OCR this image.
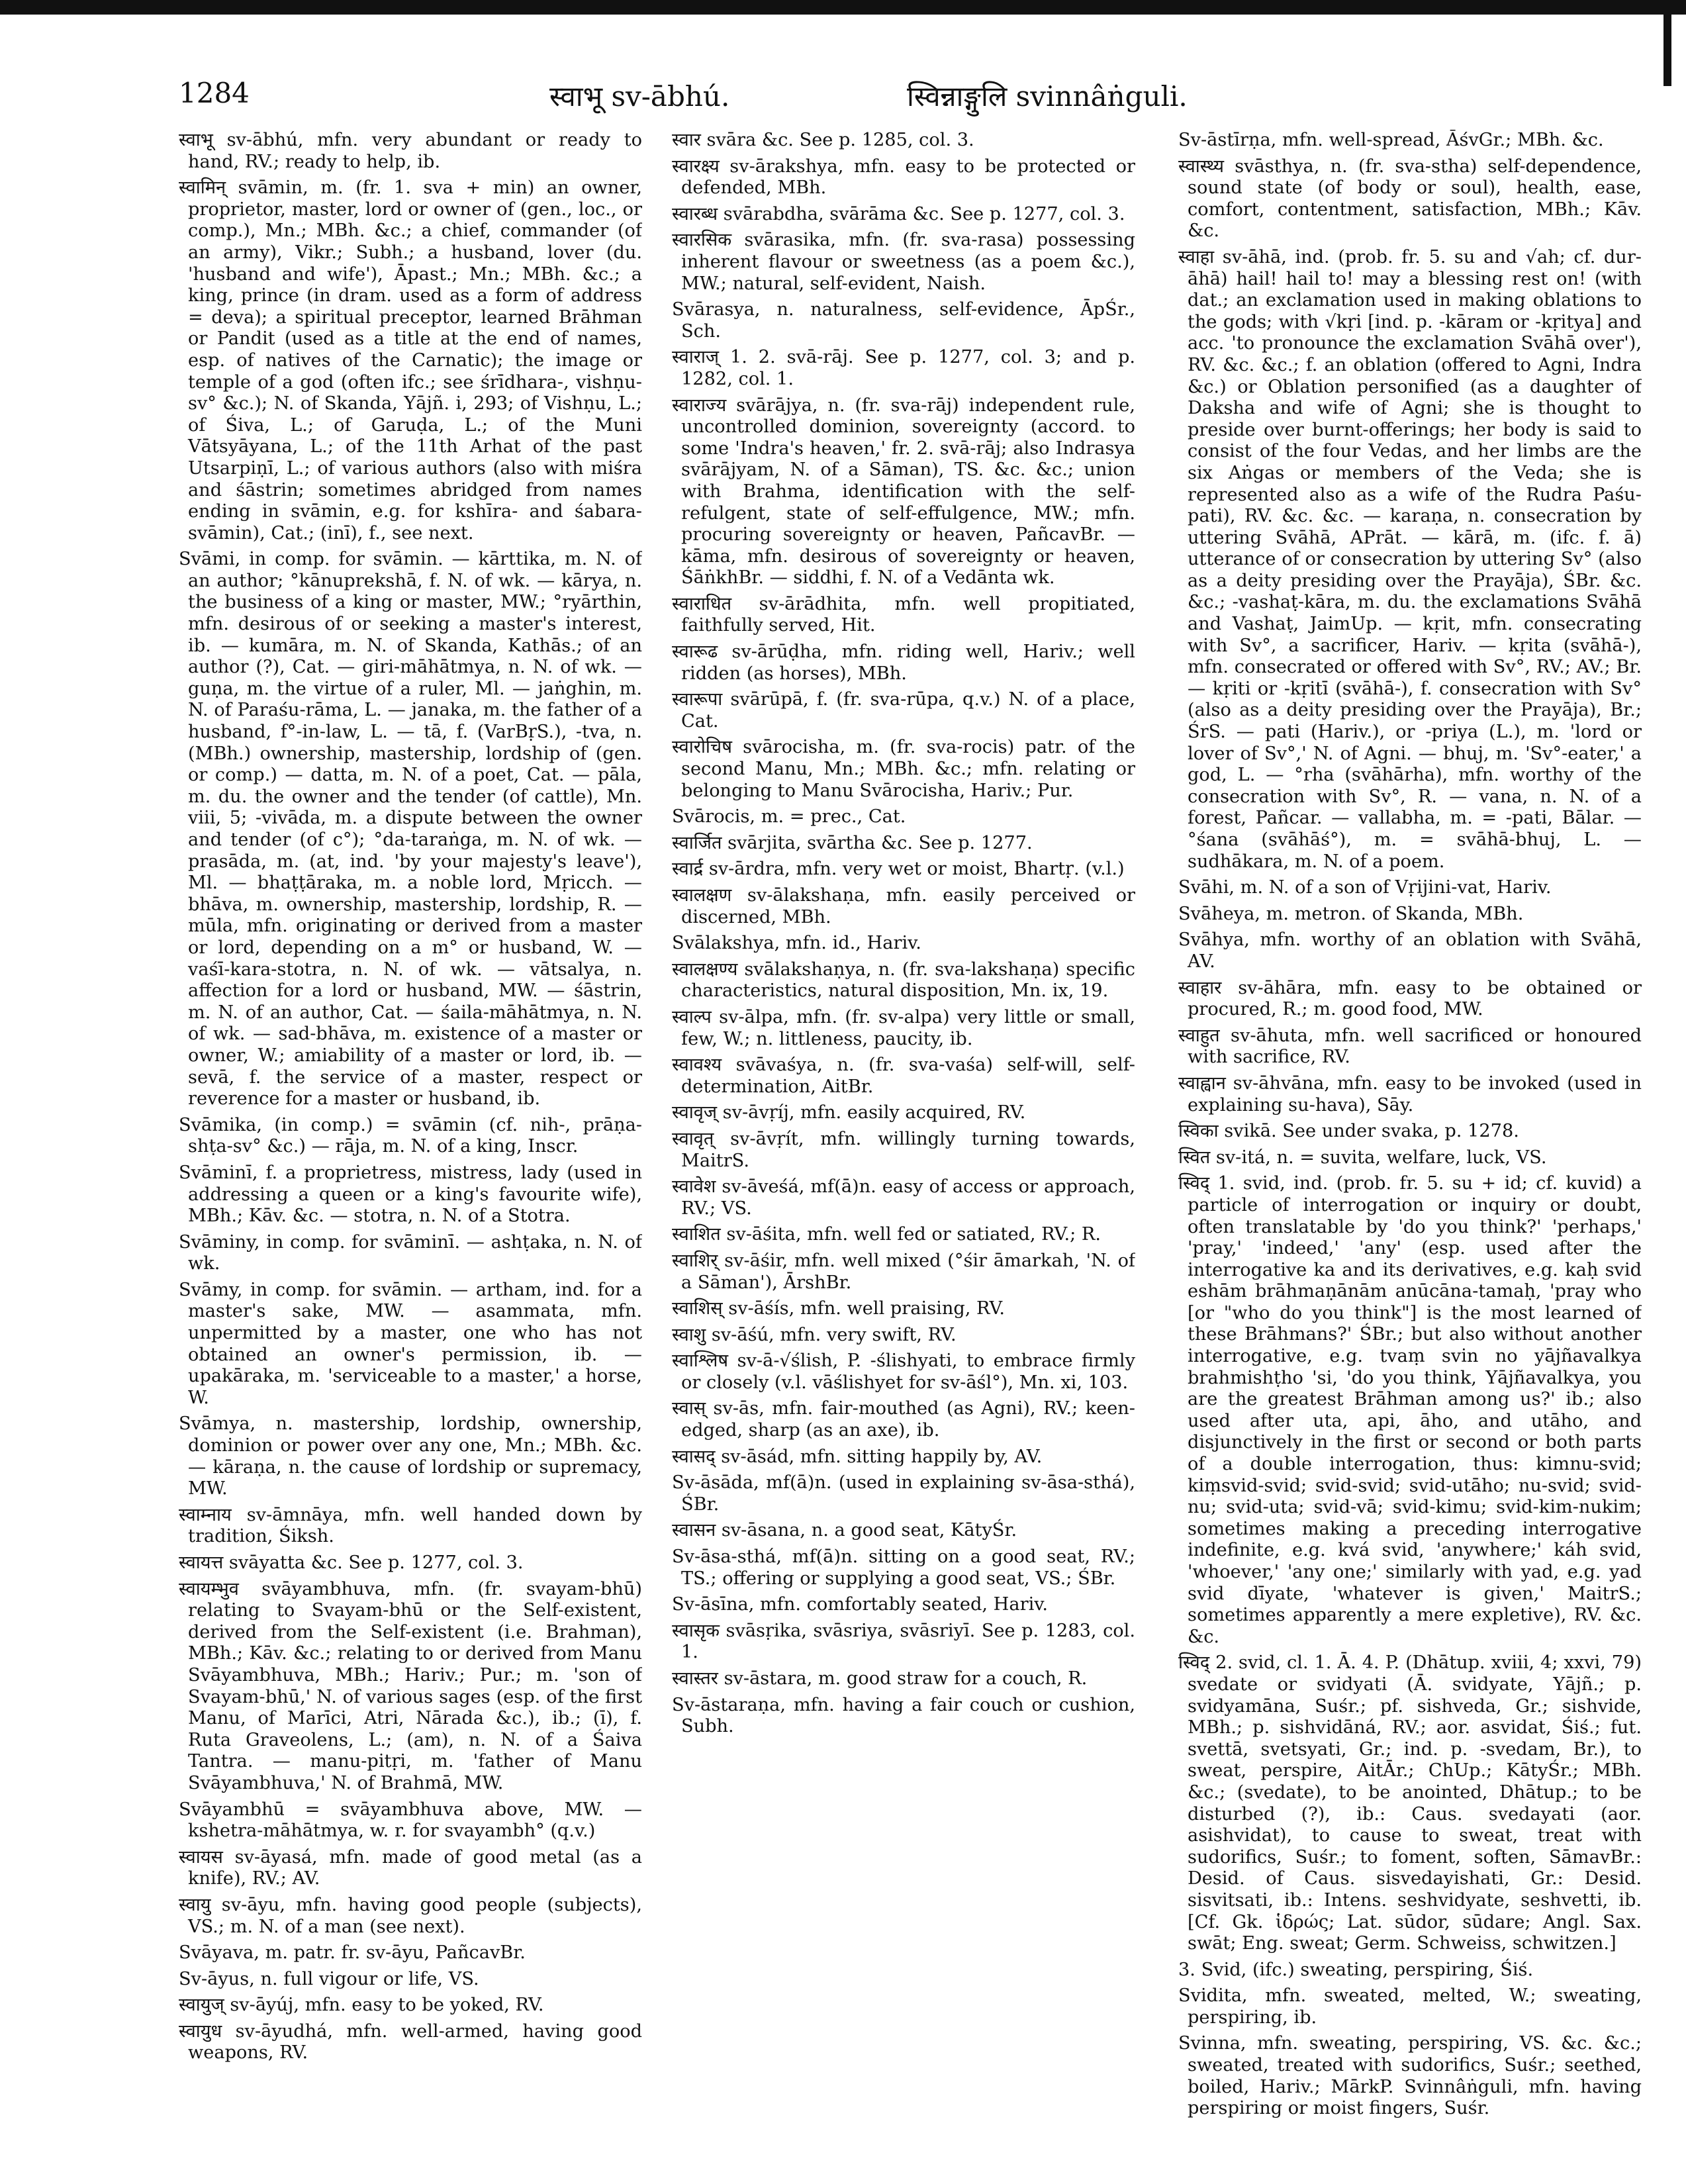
1284	स्वाभू sv-ābhú.	स्विन्नाङ्गुलि svinnâṅguli.

स्वाभू sv-ābhú, mfn. very abundant or ready to hand, RV.; ready to help, ib.

स्वामिन् svāmin, m. (fr. 1. sva + min) an owner, proprietor, master, lord or owner of (gen., loc., or comp.), Mn.; MBh. &c.; a chief, commander (of an army), Vikr.; Subh.; a husband, lover (du. 'husband and wife'), Āpast.; Mn.; MBh. &c.; a king, prince (in dram. used as a form of address = deva); a spiritual preceptor, learned Brāhman or Pandit (used as a title at the end of names, esp. of natives of the Carnatic); the image or temple of a god (often ifc.; see śrīdhara-, vishṇu-sv° &c.); N. of Skanda, Yājñ. i, 293; of Vishṇu, L.; of Śiva, L.; of Garuḍa, L.; of the Muni Vātsyāyana, L.; of the 11th Arhat of the past Utsarpiṇī, L.; of various authors (also with miśra and śāstrin; sometimes abridged from names ending in svāmin, e.g. for kshīra- and śabara-svāmin), Cat.; (inī), f., see next.

Svāmi, in comp. for svāmin. — kārttika, m. N. of an author; °kānuprekshā, f. N. of wk. — kārya, n. the business of a king or master, MW.; °ryārthin, mfn. desirous of or seeking a master's interest, ib. — kumāra, m. N. of Skanda, Kathās.; of an author (?), Cat. — giri-māhātmya, n. N. of wk. — guṇa, m. the virtue of a ruler, Ml. — jaṅghin, m. N. of Paraśu-rāma, L. — janaka, m. the father of a husband, f°-in-law, L. — tā, f. (VarBṛS.), -tva, n. (MBh.) ownership, mastership, lordship of (gen. or comp.) — datta, m. N. of a poet, Cat. — pāla, m. du. the owner and the tender (of cattle), Mn. viii, 5; -vivāda, m. a dispute between the owner and tender (of c°); °da-taraṅga, m. N. of wk. — prasāda, m. (at, ind. 'by your majesty's leave'), Ml. — bhaṭṭāraka, m. a noble lord, Mṛicch. — bhāva, m. ownership, mastership, lordship, R. — mūla, mfn. originating or derived from a master or lord, depending on a m° or husband, W. — vaśī-kara-stotra, n. N. of wk. — vātsalya, n. affection for a lord or husband, MW. — śāstrin, m. N. of an author, Cat. — śaila-māhātmya, n. N. of wk. — sad-bhāva, m. existence of a master or owner, W.; amiability of a master or lord, ib. — sevā, f. the service of a master, respect or reverence for a master or husband, ib.

Svāmika, (in comp.) = svāmin (cf. nih-, prāṇa-shṭa-sv° &c.) — rāja, m. N. of a king, Inscr.

Svāminī, f. a proprietress, mistress, lady (used in addressing a queen or a king's favourite wife), MBh.; Kāv. &c. — stotra, n. N. of a Stotra.

Svāminy, in comp. for svāminī. — ashṭaka, n. N. of wk.

Svāmy, in comp. for svāmin. — artham, ind. for a master's sake, MW. — asammata, mfn. unpermitted by a master, one who has not obtained an owner's permission, ib. — upakāraka, m. 'serviceable to a master,' a horse, W.

Svāmya, n. mastership, lordship, ownership, dominion or power over any one, Mn.; MBh. &c. — kāraṇa, n. the cause of lordship or supremacy, MW.

स्वाम्नाय sv-āmnāya, mfn. well handed down by tradition, Śiksh.

स्वायत्त svāyatta &c. See p. 1277, col. 3.

स्वायम्भुव svāyambhuva, mfn. (fr. svayam-bhū) relating to Svayam-bhū or the Self-existent, derived from the Self-existent (i.e. Brahman), MBh.; Kāv. &c.; relating to or derived from Manu Svāyambhuva, MBh.; Hariv.; Pur.; m. 'son of Svayam-bhū,' N. of various sages (esp. of the first Manu, of Marīci, Atri, Nārada &c.), ib.; (ī), f. Ruta Graveolens, L.; (am), n. N. of a Śaiva Tantra. — manu-pitṛi, m. 'father of Manu Svāyambhuva,' N. of Brahmā, MW.

Svāyambhū = svāyambhuva above, MW. — kshetra-māhātmya, w. r. for svayambh° (q.v.)

स्वायस sv-āyasá, mfn. made of good metal (as a knife), RV.; AV.

स्वायु sv-āyu, mfn. having good people (subjects), VS.; m. N. of a man (see next).

Svāyava, m. patr. fr. sv-āyu, PañcavBr.

Sv-āyus, n. full vigour or life, VS.

स्वायुज् sv-āyúj, mfn. easy to be yoked, RV.

स्वायुध sv-āyudhá, mfn. well-armed, having good weapons, RV.

स्वार svāra &c. See p. 1285, col. 3.

स्वारक्ष्य sv-ārakshya, mfn. easy to be protected or defended, MBh.

स्वारब्ध svārabdha, svārāma &c. See p. 1277, col. 3.

स्वारसिक svārasika, mfn. (fr. sva-rasa) possessing inherent flavour or sweetness (as a poem &c.), MW.; natural, self-evident, Naish.

Svārasya, n. naturalness, self-evidence, ĀpŚr., Sch.

स्वाराज् 1. 2. svā-rāj. See p. 1277, col. 3; and p. 1282, col. 1.

स्वाराज्य svārājya, n. (fr. sva-rāj) independent rule, uncontrolled dominion, sovereignty (accord. to some 'Indra's heaven,' fr. 2. svā-rāj; also Indrasya svārājyam, N. of a Sāman), TS. &c. &c.; union with Brahma, identification with the self-refulgent, state of self-effulgence, MW.; mfn. procuring sovereignty or heaven, PañcavBr. — kāma, mfn. desirous of sovereignty or heaven, ŚāṅkhBr. — siddhi, f. N. of a Vedānta wk.

स्वाराधित sv-ārādhita, mfn. well propitiated, faithfully served, Hit.

स्वारूढ sv-ārūḍha, mfn. riding well, Hariv.; well ridden (as horses), MBh.

स्वारूपा svārūpā, f. (fr. sva-rūpa, q.v.) N. of a place, Cat.

स्वारोचिष svārocisha, m. (fr. sva-rocis) patr. of the second Manu, Mn.; MBh. &c.; mfn. relating or belonging to Manu Svārocisha, Hariv.; Pur.

Svārocis, m. = prec., Cat.

स्वार्जित svārjita, svārtha &c. See p. 1277.

स्वार्द्र sv-ārdra, mfn. very wet or moist, Bhartṛ. (v.l.)

स्वालक्षण sv-ālakshaṇa, mfn. easily perceived or discerned, MBh.

Svālakshya, mfn. id., Hariv.

स्वालक्षण्य svālakshaṇya, n. (fr. sva-lakshaṇa) specific characteristics, natural disposition, Mn. ix, 19.

स्वाल्प sv-ālpa, mfn. (fr. sv-alpa) very little or small, few, W.; n. littleness, paucity, ib.

स्वावश्य svāvaśya, n. (fr. sva-vaśa) self-will, self-determination, AitBr.

स्वावृज् sv-āvṛíj, mfn. easily acquired, RV.

स्वावृत् sv-āvṛít, mfn. willingly turning towards, MaitrS.

स्वावेश sv-āveśá, mf(ā)n. easy of access or approach, RV.; VS.

स्वाशित sv-āśita, mfn. well fed or satiated, RV.; R.

स्वाशिर् sv-āśir, mfn. well mixed (°śir āmarkah, 'N. of a Sāman'), ĀrshBr.

स्वाशिस् sv-āśís, mfn. well praising, RV.

स्वाशु sv-āśú, mfn. very swift, RV.

स्वाश्लिष sv-ā-√ślish, P. -ślishyati, to embrace firmly or closely (v.l. vāślishyet for sv-āśl°), Mn. xi, 103.

स्वास् sv-ās, mfn. fair-mouthed (as Agni), RV.; keen-edged, sharp (as an axe), ib.

स्वासद् sv-āsád, mfn. sitting happily by, AV.

Sv-āsāda, mf(ā)n. (used in explaining sv-āsa-sthá), ŚBr.

स्वासन sv-āsana, n. a good seat, KātyŚr.

Sv-āsa-sthá, mf(ā)n. sitting on a good seat, RV.; TS.; offering or supplying a good seat, VS.; ŚBr.

Sv-āsīna, mfn. comfortably seated, Hariv.

स्वासृक svāsṛika, svāsriya, svāsriyī. See p. 1283, col. 1.

स्वास्तर sv-āstara, m. good straw for a couch, R.

Sv-āstaraṇa, mfn. having a fair couch or cushion, Subh.

Sv-āstīrṇa, mfn. well-spread, ĀśvGr.; MBh. &c.

स्वास्थ्य svāsthya, n. (fr. sva-stha) self-dependence, sound state (of body or soul), health, ease, comfort, contentment, satisfaction, MBh.; Kāv. &c.

स्वाहा sv-āhā, ind. (prob. fr. 5. su and √ah; cf. dur-āhā) hail! hail to! may a blessing rest on! (with dat.; an exclamation used in making oblations to the gods; with √kṛi [ind. p. -kāram or -kṛitya] and acc. 'to pronounce the exclamation Svāhā over'), RV. &c. &c.; f. an oblation (offered to Agni, Indra &c.) or Oblation personified (as a daughter of Daksha and wife of Agni; she is thought to preside over burnt-offerings; her body is said to consist of the four Vedas, and her limbs are the six Aṅgas or members of the Veda; she is represented also as a wife of the Rudra Paśu-pati), RV. &c. &c. — karaṇa, n. consecration by uttering Svāhā, APrāt. — kārā, m. (ifc. f. ā) utterance of or consecration by uttering Sv° (also as a deity presiding over the Prayāja), ŚBr. &c. &c.; -vashaṭ-kāra, m. du. the exclamations Svāhā and Vashaṭ, JaimUp. — kṛit, mfn. consecrating with Sv°, a sacrificer, Hariv. — kṛita (svāhā-), mfn. consecrated or offered with Sv°, RV.; AV.; Br. — kṛiti or -kṛitī (svāhā-), f. consecration with Sv° (also as a deity presiding over the Prayāja), Br.; ŚrS. — pati (Hariv.), or -priya (L.), m. 'lord or lover of Sv°,' N. of Agni. — bhuj, m. 'Sv°-eater,' a god, L. — °rha (svāhārha), mfn. worthy of the consecration with Sv°, R. — vana, n. N. of a forest, Pañcar. — vallabha, m. = -pati, Bālar. — °śana (svāhāś°), m. = svāhā-bhuj, L. — sudhākara, m. N. of a poem.

Svāhi, m. N. of a son of Vṛijini-vat, Hariv.

Svāheya, m. metron. of Skanda, MBh.

Svāhya, mfn. worthy of an oblation with Svāhā, AV.

स्वाहार sv-āhāra, mfn. easy to be obtained or procured, R.; m. good food, MW.

स्वाहुत sv-āhuta, mfn. well sacrificed or honoured with sacrifice, RV.

स्वाह्वान sv-āhvāna, mfn. easy to be invoked (used in explaining su-hava), Sāy.

स्विका svikā. See under svaka, p. 1278.

स्वित sv-itá, n. = suvita, welfare, luck, VS.

स्विद् 1. svid, ind. (prob. fr. 5. su + id; cf. kuvid) a particle of interrogation or inquiry or doubt, often translatable by 'do you think?' 'perhaps,' 'pray,' 'indeed,' 'any' (esp. used after the interrogative ka and its derivatives, e.g. kaḥ svid eshām brāhmaṇānām anūcāna-tamaḥ, 'pray who [or "who do you think"] is the most learned of these Brāhmans?' ŚBr.; but also without another interrogative, e.g. tvaṃ svin no yājñavalkya brahmishṭho 'si, 'do you think, Yājñavalkya, you are the greatest Brāhman among us?' ib.; also used after uta, api, āho, and utāho, and disjunctively in the first or second or both parts of a double interrogation, thus: kimnu-svid; kiṃsvid-svid; svid-svid; svid-utāho; nu-svid; svid-nu; svid-uta; svid-vā; svid-kimu; svid-kim-nukim; sometimes making a preceding interrogative indefinite, e.g. kvá svid, 'anywhere;' káh svid, 'whoever,' 'any one;' similarly with yad, e.g. yad svid dīyate, 'whatever is given,' MaitrS.; sometimes apparently a mere expletive), RV. &c. &c.

स्विद् 2. svid, cl. 1. Ā. 4. P. (Dhātup. xviii, 4; xxvi, 79) svedate or svidyati (Ā. svidyate, Yājñ.; p. svidyamāna, Suśr.; pf. sishveda, Gr.; sishvide, MBh.; p. sishvidāná, RV.; aor. asvidat, Śiś.; fut. svettā, svetsyati, Gr.; ind. p. -svedam, Br.), to sweat, perspire, AitĀr.; ChUp.; KātyŚr.; MBh. &c.; (svedate), to be anointed, Dhātup.; to be disturbed (?), ib.: Caus. svedayati (aor. asishvidat), to cause to sweat, treat with sudorifics, Suśr.; to foment, soften, SāmavBr.: Desid. of Caus. sisvedayishati, Gr.: Desid. sisvitsati, ib.: Intens. seshvidyate, seshvetti, ib. [Cf. Gk. ἱδρώς; Lat. sūdor, sūdare; Angl. Sax. swāt; Eng. sweat; Germ. Schweiss, schwitzen.]

3. Svid, (ifc.) sweating, perspiring, Śiś.

Svidita, mfn. sweated, melted, W.; sweating, perspiring, ib.

Svinna, mfn. sweating, perspiring, VS. &c. &c.; sweated, treated with sudorifics, Suśr.; seethed, boiled, Hariv.; MārkP. Svinnâṅguli, mfn. having perspiring or moist fingers, Suśr.
